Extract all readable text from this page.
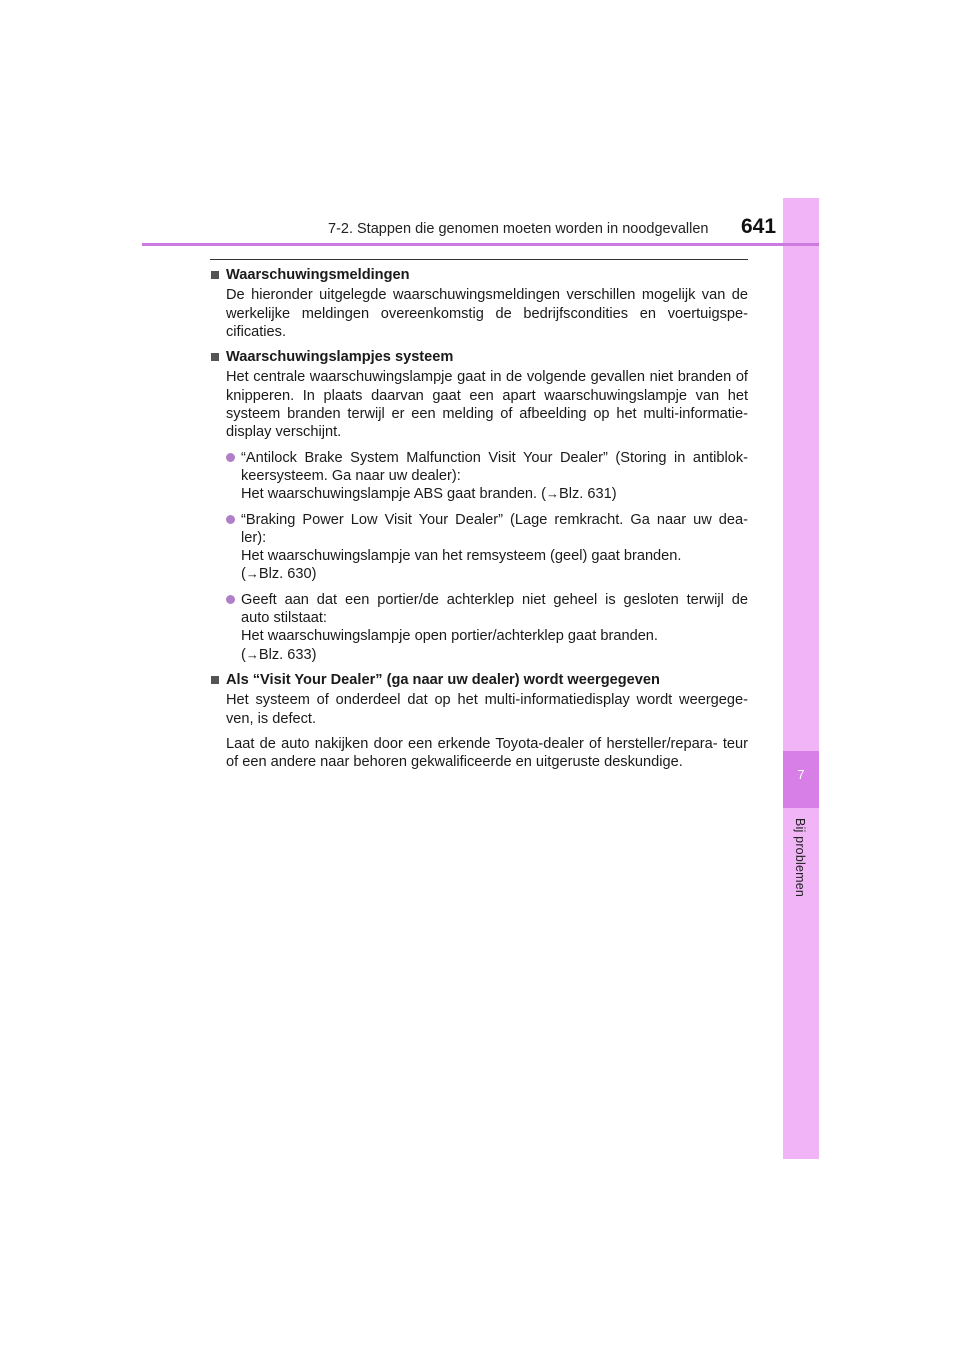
7
Bij problemen
7-2. Stappen die genomen moeten worden in noodgevallen 641
Waarschuwingsmeldingen
De hieronder uitgelegde waarschuwingsmeldingen verschillen mogelijk van de werkelijke meldingen overeenkomstig de bedrijfscondities en voertuigspe- cificaties.
Waarschuwingslampjes systeem
Het centrale waarschuwingslampje gaat in de volgende gevallen niet branden of knipperen. In plaats daarvan gaat een apart waarschuwingslampje van het systeem branden terwijl er een melding of afbeelding op het multi-informatie- display verschijnt.
“Antilock Brake System Malfunction Visit Your Dealer” (Storing in antiblok-
keersysteem. Ga naar uw dealer):
Het waarschuwingslampje ABS gaat branden. (→Blz. 631)
“Braking Power Low Visit Your Dealer” (Lage remkracht. Ga naar uw dea-
ler):
Het waarschuwingslampje van het remsysteem (geel) gaat branden.
(→Blz. 630)
Geeft aan dat een portier/de achterklep niet geheel is gesloten terwijl de
auto stilstaat:
Het waarschuwingslampje open portier/achterklep gaat branden.
(→Blz. 633)
Als “Visit Your Dealer” (ga naar uw dealer) wordt weergegeven
Het systeem of onderdeel dat op het multi-informatiedisplay wordt weergege- ven, is defect.
Laat de auto nakijken door een erkende Toyota-dealer of hersteller/repara- teur of een andere naar behoren gekwalificeerde en uitgeruste deskundige.
